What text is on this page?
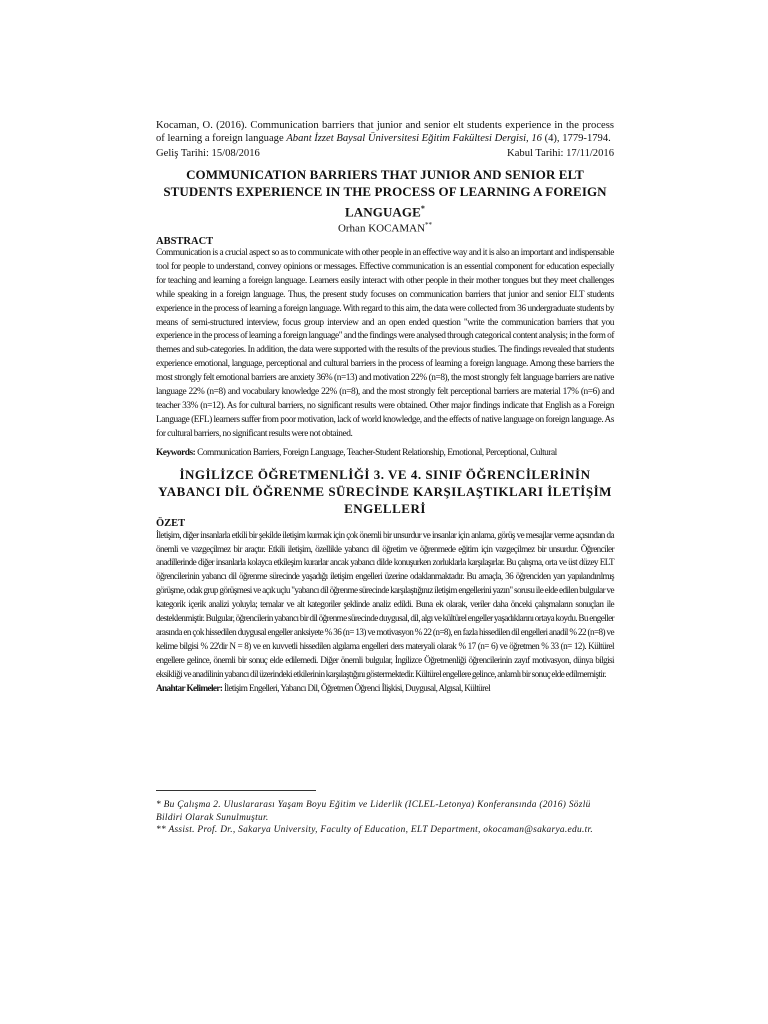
Kocaman, O. (2016). Communication barriers that junior and senior elt students experience in the process of learning a foreign language Abant İzzet Baysal Üniversitesi Eğitim Fakültesi Dergisi, 16 (4), 1779-1794.
Geliş Tarihi: 15/08/2016	Kabul Tarihi: 17/11/2016
COMMUNICATION BARRIERS THAT JUNIOR AND SENIOR ELT STUDENTS EXPERIENCE IN THE PROCESS OF LEARNING A FOREIGN LANGUAGE*
Orhan KOCAMAN**
ABSTRACT
Communication is a crucial aspect so as to communicate with other people in an effective way and it is also an important and indispensable tool for people to understand, convey opinions or messages. Effective communication is an essential component for education especially for teaching and learning a foreign language. Learners easily interact with other people in their mother tongues but they meet challenges while speaking in a foreign language. Thus, the present study focuses on communication barriers that junior and senior ELT students experience in the process of learning a foreign language. With regard to this aim, the data were collected from 36 undergraduate students by means of semi-structured interview, focus group interview and an open ended question "write the communication barriers that you experience in the process of learning a foreign language" and the findings were analysed through categorical content analysis; in the form of themes and sub-categories. In addition, the data were supported with the results of the previous studies. The findings revealed that students experience emotional, language, perceptional and cultural barriers in the process of learning a foreign language. Among these barriers the most strongly felt emotional barriers are anxiety 36% (n=13) and motivation 22% (n=8), the most strongly felt language barriers are native language 22% (n=8) and vocabulary knowledge 22% (n=8), and the most strongly felt perceptional barriers are material 17% (n=6) and teacher 33% (n=12). As for cultural barriers, no significant results were obtained. Other major findings indicate that English as a Foreign Language (EFL) learners suffer from poor motivation, lack of world knowledge, and the effects of native language on foreign language. As for cultural barriers, no significant results were not obtained.
Keywords: Communication Barriers, Foreign Language, Teacher-Student Relationship, Emotional, Perceptional, Cultural
İNGİLİZCE ÖĞRETMENLİĞİ 3. VE 4. SINIF ÖĞRENCİLERİNİN YABANCI DİL ÖĞRENME SÜRECİNDE KARŞILAŞTIKLARI İLETİŞİM ENGELLERİ
ÖZET
İletişim, diğer insanlarla etkili bir şekilde iletişim kurmak için çok önemli bir unsurdur ve insanlar için anlama, görüş ve mesajlar verme açısından da önemli ve vazgeçilmez bir araçtır. Etkili iletişim, özellikle yabancı dil öğretim ve öğrenmede eğitim için vazgeçilmez bir unsurdur. Öğrenciler anadillerinde diğer insanlarla kolayca etkileşim kurarlar ancak yabancı dilde konuşurken zorluklarla karşılaşırlar. Bu çalışma, orta ve üst düzey ELT öğrencilerinin yabancı dil öğrenme sürecinde yaşadığı iletişim engelleri üzerine odaklanmaktadır. Bu amaçla, 36 öğrenciden yarı yapılandırılmış görüşme, odak grup görüşmesi ve açık uçlu "yabancı dil öğrenme sürecinde karşılaştığınız iletişim engellerini yazın" sorusu ile elde edilen bulgular ve kategorik içerik analizi yoluyla; temalar ve alt kategoriler şeklinde analiz edildi. Buna ek olarak, veriler daha önceki çalışmaların sonuçları ile desteklenmiştir. Bulgular, öğrencilerin yabancı bir dil öğrenme sürecinde duygusal, dil, algı ve kültürel engeller yaşadıklarını ortaya koydu. Bu engeller arasında en çok hissedilen duygusal engeller anksiyete % 36 (n= 13) ve motivasyon % 22 (n=8), en fazla hissedilen dil engelleri anadil % 22 (n=8) ve kelime bilgisi % 22'dir N = 8) ve en kuvvetli hissedilen algılama engelleri ders materyali olarak % 17 (n= 6) ve öğretmen % 33 (n= 12). Kültürel engellere gelince, önemli bir sonuç elde edilemedi. Diğer önemli bulgular, İngilizce Öğretmenliği öğrencilerinin zayıf motivasyon, dünya bilgisi eksikliği ve anadilinin yabancı dil üzerindeki etkilerinin karşılaştığını göstermektedir. Kültürel engellere gelince, anlamlı bir sonuç elde edilmemiştir.
Anahtar Kelimeler: İletişim Engelleri, Yabancı Dil, Öğretmen Öğrenci İlişkisi, Duygusal, Algısal, Kültürel
* Bu Çalışma 2. Uluslararası Yaşam Boyu Eğitim ve Liderlik (ICLEL-Letonya) Konferansında (2016) Sözlü Bildiri Olarak Sunulmuştur.
** Assist. Prof. Dr., Sakarya University, Faculty of Education, ELT Department, okocaman@sakarya.edu.tr.
